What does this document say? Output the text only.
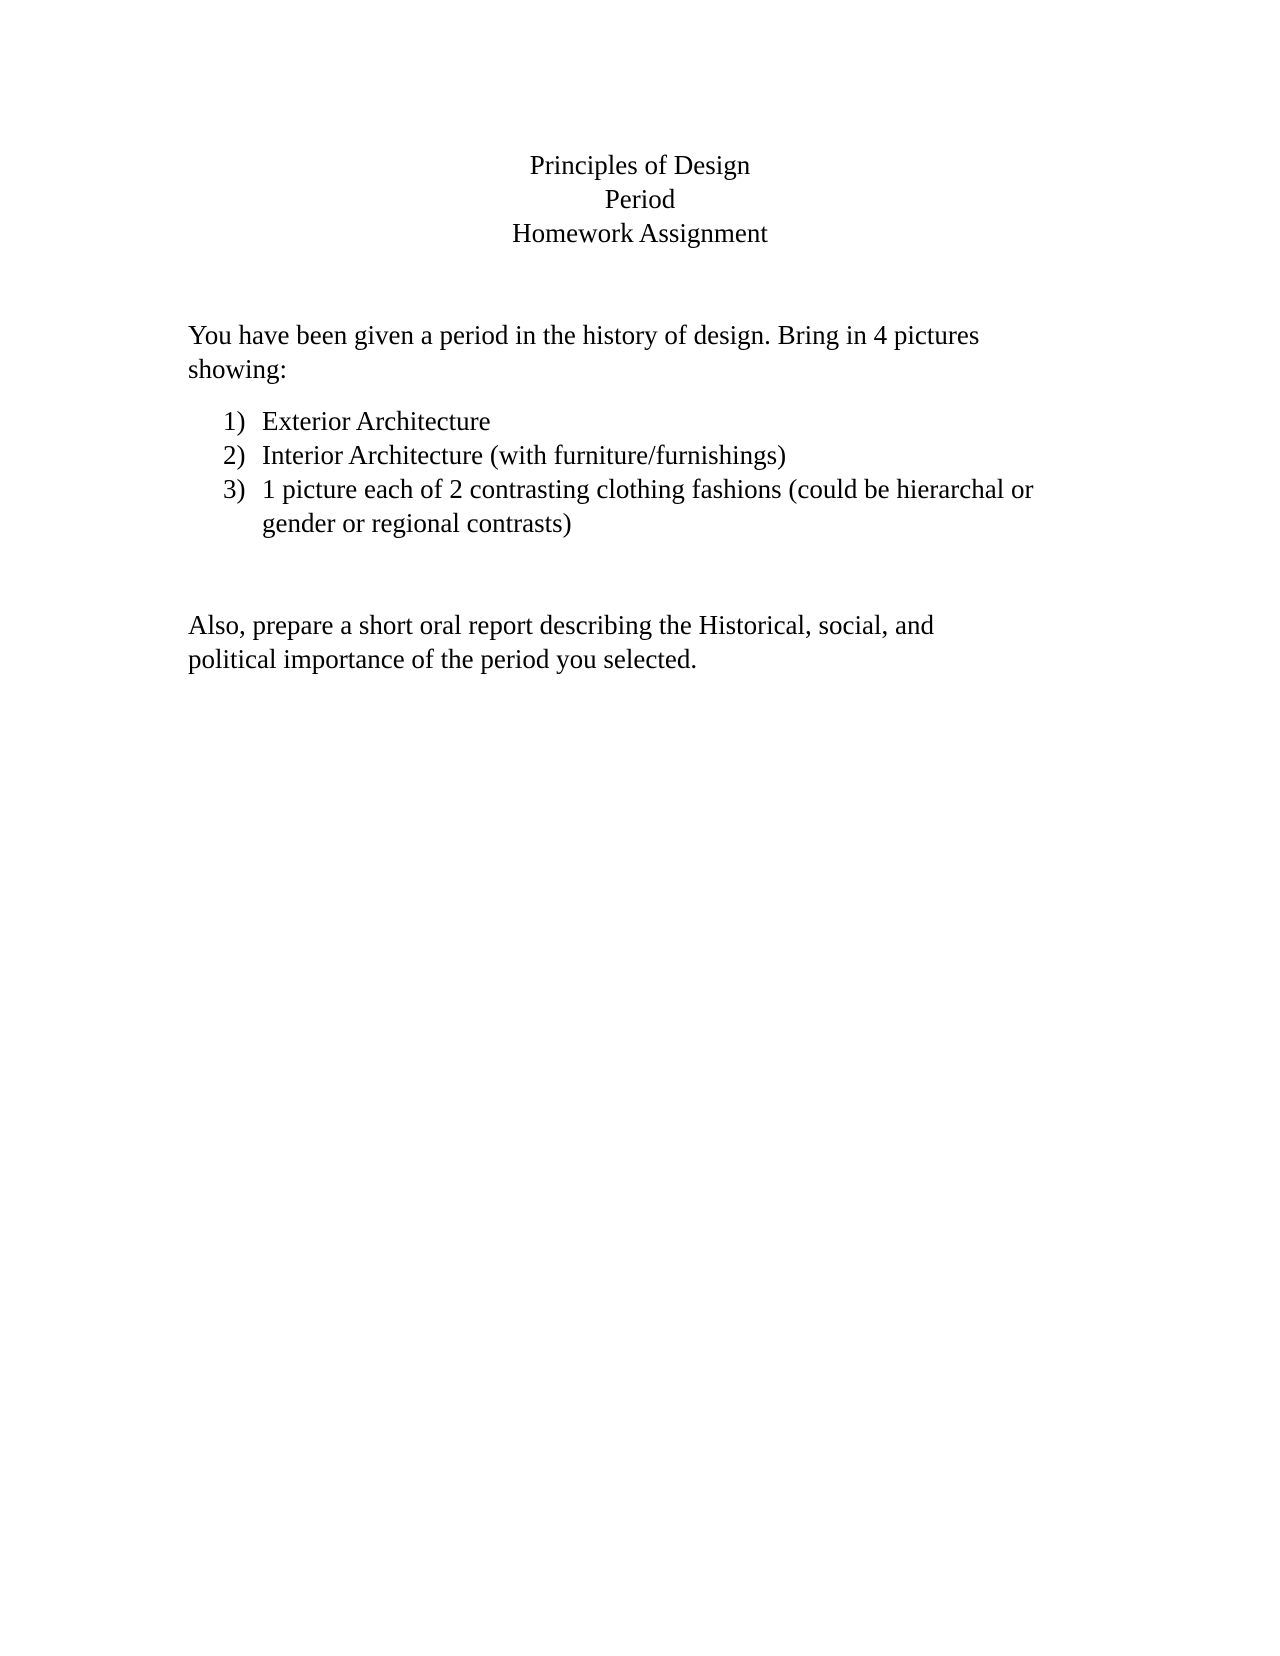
Principles of Design
Period
Homework Assignment

You have been given a period in the history of design. Bring in 4 pictures showing:

1) Exterior Architecture
2) Interior Architecture (with furniture/furnishings)
3) 1 picture each of 2 contrasting clothing fashions (could be hierarchal or gender or regional contrasts)

Also, prepare a short oral report describing the Historical, social, and political importance of the period you selected.
